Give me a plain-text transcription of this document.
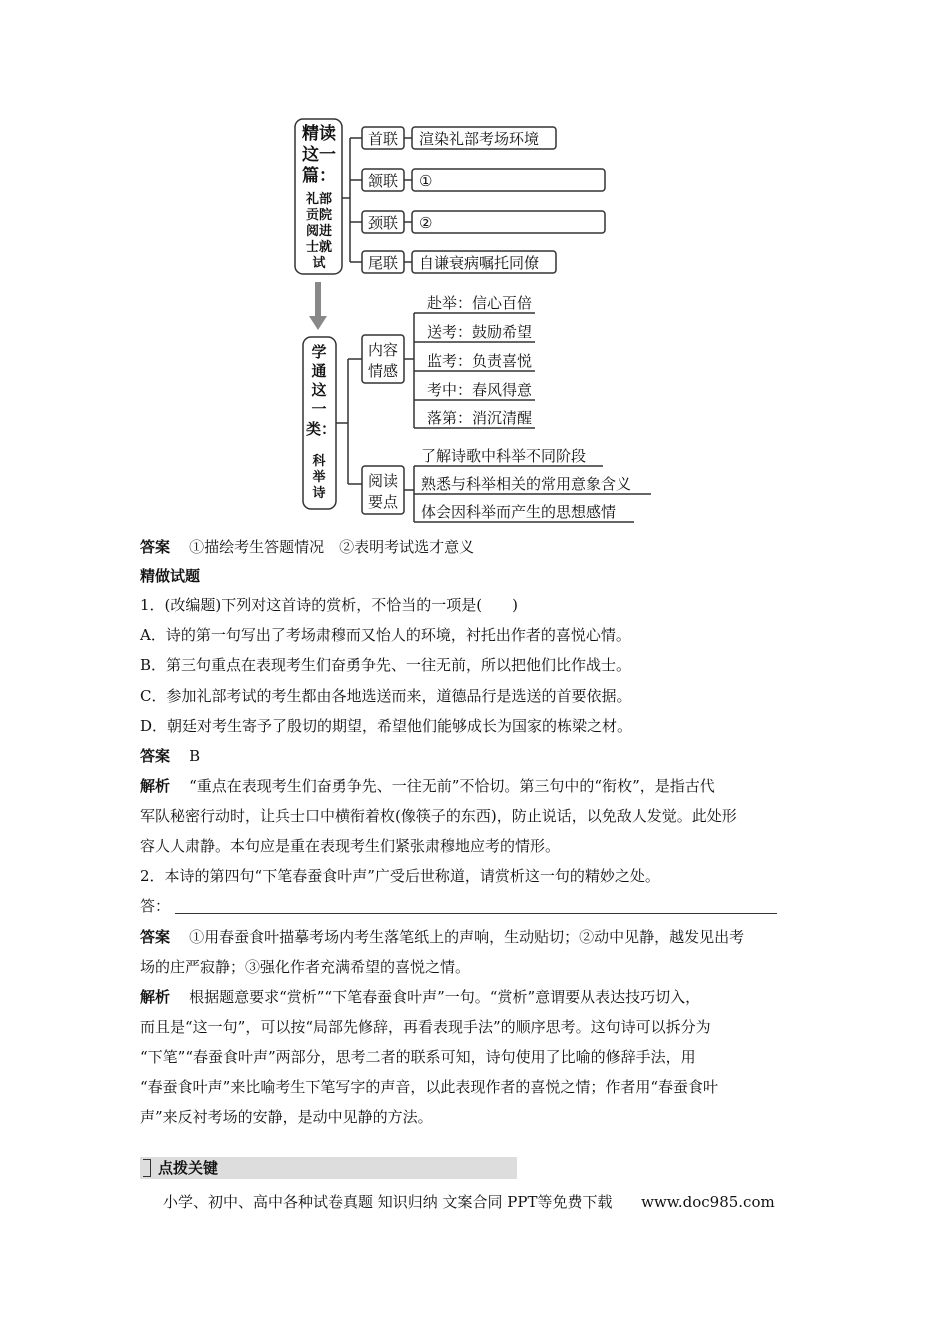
精读
这一
篇：
礼部
贡院
阅进
士就
试
首联
颔联
颈联
尾联
渲染礼部考场环境
①
②
自谦衰病嘱托同僚
学
通
这
一
类：
科
举
诗
内容
情感
阅读
要点
赴举：信心百倍
送考：鼓励希望
监考：负责喜悦
考中：春风得意
落第：消沉清醒
了解诗歌中科举不同阶段
熟悉与科举相关的常用意象含义
体会因科举而产生的思想感情
答案 ①描绘考生答题情况　②表明考试选才意义
精做试题
1．(改编题)下列对这首诗的赏析，不恰当的一项是(　　)
A．诗的第一句写出了考场肃穆而又怡人的环境，衬托出作者的喜悦心情。
B．第三句重点在表现考生们奋勇争先、一往无前，所以把他们比作战士。
C．参加礼部考试的考生都由各地选送而来，道德品行是选送的首要依据。
D．朝廷对考生寄予了殷切的期望，希望他们能够成长为国家的栋梁之材。
答案 B
解析 “重点在表现考生们奋勇争先、一往无前”不恰切。第三句中的“衔枚”，是指古代
军队秘密行动时，让兵士口中横衔着枚(像筷子的东西)，防止说话，以免敌人发觉。此处形
容人人肃静。本句应是重在表现考生们紧张肃穆地应考的情形。
2．本诗的第四句“下笔春蚕食叶声”广受后世称道，请赏析这一句的精妙之处。
答：
答案 ①用春蚕食叶描摹考场内考生落笔纸上的声响，生动贴切；②动中见静，越发见出考
场的庄严寂静；③强化作者充满希望的喜悦之情。
解析 根据题意要求“赏析”“下笔春蚕食叶声”一句。“赏析”意谓要从表达技巧切入，
而且是“这一句”，可以按“局部先修辞，再看表现手法”的顺序思考。这句诗可以拆分为
“下笔”“春蚕食叶声”两部分，思考二者的联系可知，诗句使用了比喻的修辞手法，用
“春蚕食叶声”来比喻考生下笔写字的声音，以此表现作者的喜悦之情；作者用“春蚕食叶
声”来反衬考场的安静，是动中见静的方法。
点拨关键
小学、初中、高中各种试卷真题 知识归纳 文案合同 PPT等免费下载 www.doc985.com
